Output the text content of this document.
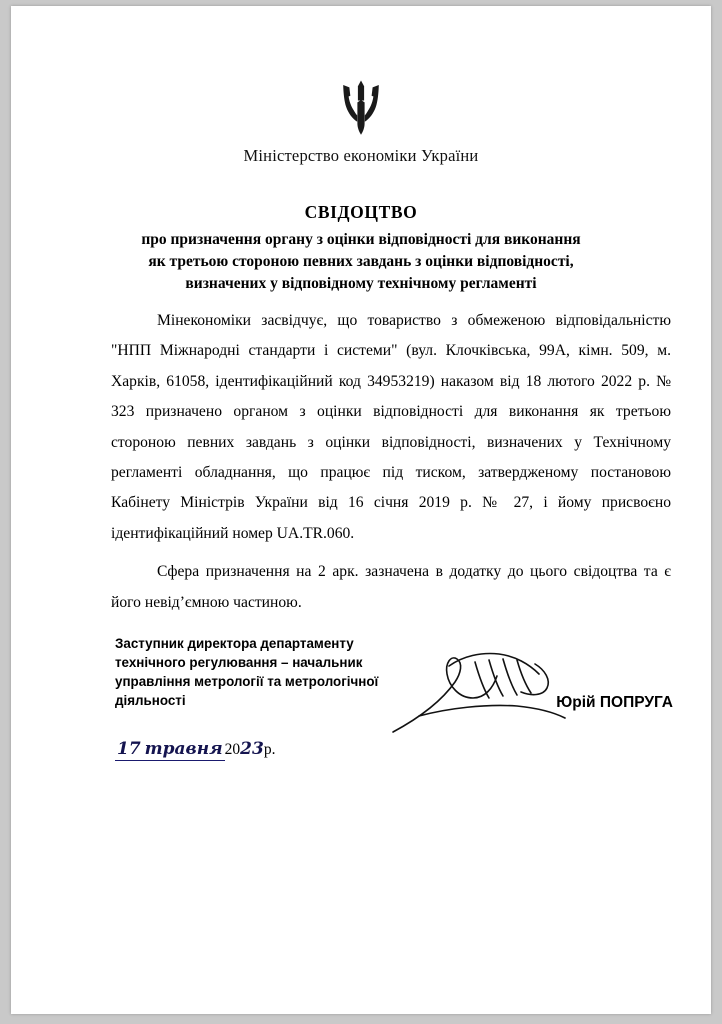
Міністерство економіки України
СВІДОЦТВО
про призначення органу з оцінки відповідності для виконання
як третьою стороною певних завдань з оцінки відповідності,
визначених у відповідному технічному регламенті

Мінекономіки засвідчує, що товариство з обмеженою відповідальністю "НПП Міжнародні стандарти і системи" (вул. Клочківська, 99А, кімн. 509, м. Харків, 61058, ідентифікаційний код 34953219) наказом від 18 лютого 2022 р. № 323 призначено органом з оцінки відповідності для виконання як третьою стороною певних завдань з оцінки відповідності, визначених у Технічному регламенті обладнання, що працює під тиском, затвердженому постановою Кабінету Міністрів України від 16 січня 2019 р. № 27, і йому присвоєно ідентифікаційний номер UA.TR.060.

Сфера призначення на 2 арк. зазначена в додатку до цього свідоцтва та є його невід’ємною частиною.

Заступник директора департаменту
технічного регулювання – начальник
управління метрології та метрологічної
діяльності	Юрій ПОПРУГА
17 травня 2023р.
